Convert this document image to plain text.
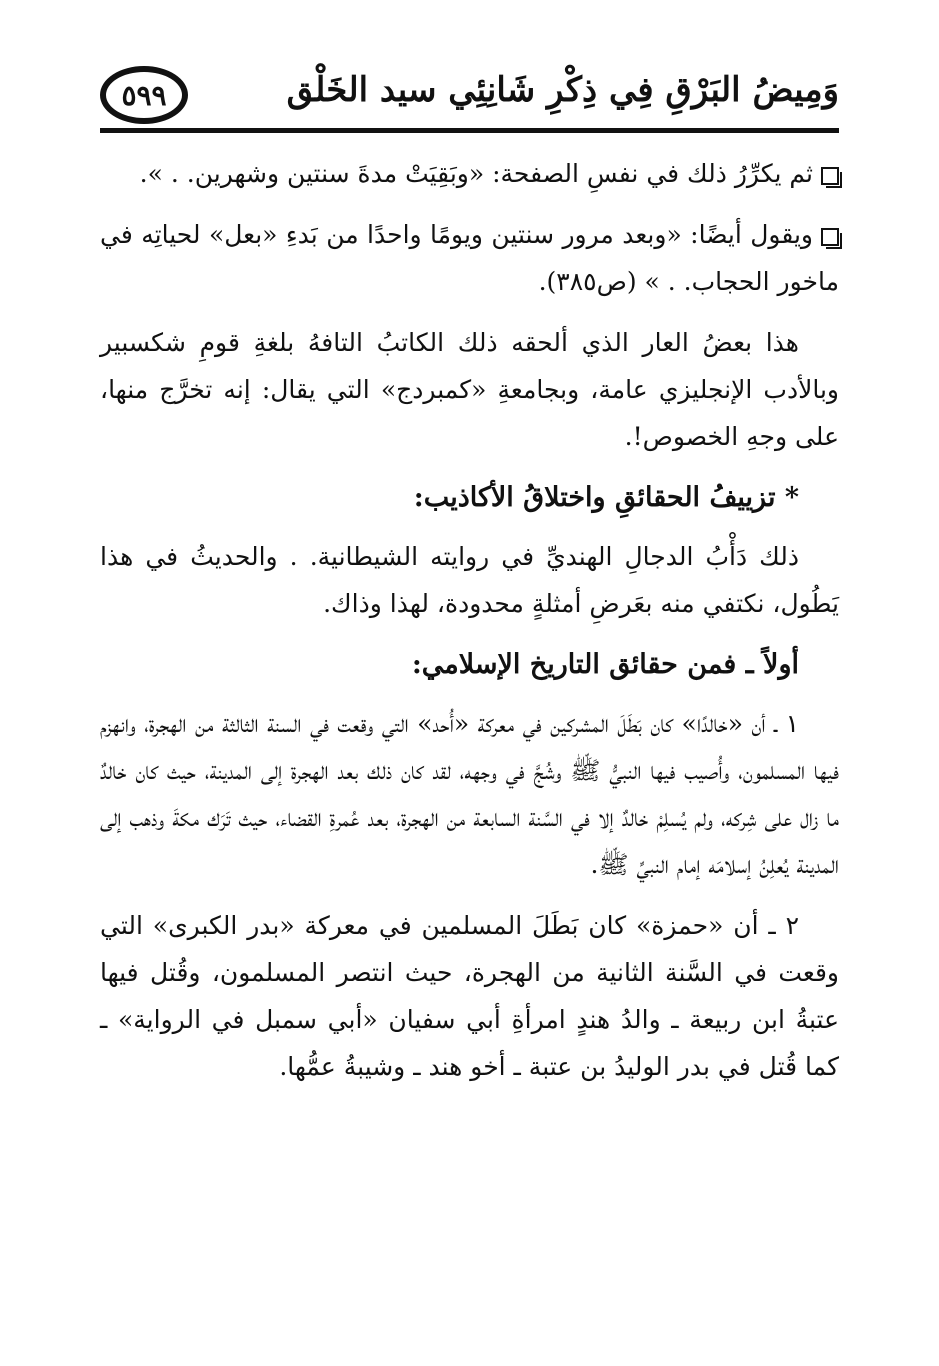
وَمِيضُ البَرْقِ فِي ذِكْرِ شَانِئِي سيد الخَلْق
٥٩٩

ثم يكرِّرُ ذلك في نفسِ الصفحة: «وبَقِيَتْ مدةَ سنتين وشهرين. . ».

ويقول أيضًا: «وبعد مرور سنتين ويومًا واحدًا من بَدءِ «بعل» لحياتِه في ماخور الحجاب. . » (ص٣٨٥).

هذا بعضُ العار الذي ألحقه ذلك الكاتبُ التافهُ بلغةِ قومِ شكسبير وبالأدب الإنجليزي عامة، وبجامعةِ «كمبردج» التي يقال: إنه تخرَّج منها، على وجهِ الخصوص!.

* تزييفُ الحقائقِ واختلاقُ الأكاذيب:

ذلك دَأْبُ الدجالِ الهنديِّ في روايته الشيطانية. . والحديثُ في هذا يَطُول، نكتفي منه بعَرضِ أمثلةٍ محدودة، لهذا وذاك.

أولاً ـ فمن حقائق التاريخ الإسلامي:

١ ـ أن «خالدًا» كان بَطَلَ المشركين في معركة «أُحد» التي وقعت في السنة الثالثة من الهجرة، وانهزم فيها المسلمون، وأُصيب فيها النبيُّ ﷺ وشُجَّ في وجهه، لقد كان ذلك بعد الهجرة إلى المدينة، حيث كان خالدٌ ما زال على شِركه، ولم يُسلِمْ خالدٌ إلا في السَّنة السابعة من الهجرة، بعد عُمرةِ القضاء، حيث تَرَك مكةَ وذهب إلى المدينة يُعلِنُ إسلامَه إمام النبيِّ ﷺ.

٢ ـ أن «حمزة» كان بَطَلَ المسلمين في معركة «بدر الكبرى» التي وقعت في السَّنة الثانية من الهجرة، حيث انتصر المسلمون، وقُتل فيها عتبةُ ابن ربيعة ـ والدُ هندٍ امرأةِ أبي سفيان «أبي سمبل في الرواية» ـ كما قُتل في بدر الوليدُ بن عتبة ـ أخو هند ـ وشيبةُ عمُّها.
